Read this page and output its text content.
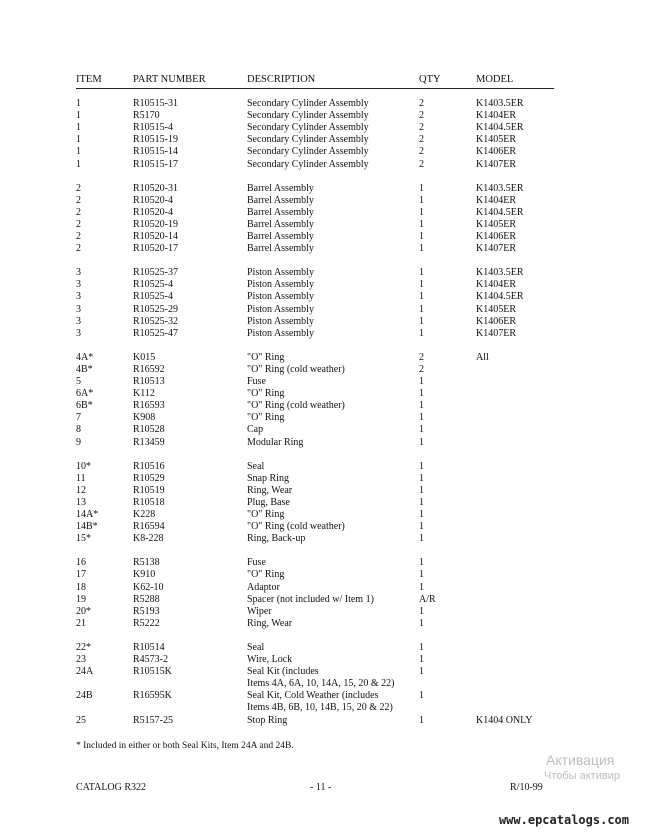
ITEM	PART NUMBER	DESCRIPTION	QTY	MODEL
1	R10515-31	Secondary Cylinder Assembly	2	K1403.5ER
1	R5170	Secondary Cylinder Assembly	2	K1404ER
1	R10515-4	Secondary Cylinder Assembly	2	K1404.5ER
1	R10515-19	Secondary Cylinder Assembly	2	K1405ER
1	R10515-14	Secondary Cylinder Assembly	2	K1406ER
1	R10515-17	Secondary Cylinder Assembly	2	K1407ER
2	R10520-31	Barrel Assembly	1	K1403.5ER
2	R10520-4	Barrel Assembly	1	K1404ER
2	R10520-4	Barrel Assembly	1	K1404.5ER
2	R10520-19	Barrel Assembly	1	K1405ER
2	R10520-14	Barrel Assembly	1	K1406ER
2	R10520-17	Barrel Assembly	1	K1407ER
3	R10525-37	Piston Assembly	1	K1403.5ER
3	R10525-4	Piston Assembly	1	K1404ER
3	R10525-4	Piston Assembly	1	K1404.5ER
3	R10525-29	Piston Assembly	1	K1405ER
3	R10525-32	Piston Assembly	1	K1406ER
3	R10525-47	Piston Assembly	1	K1407ER
4A*	K015	"O" Ring	2	All
4B*	R16592	"O" Ring (cold weather)	2
5	R10513	Fuse	1
6A*	K112	"O" Ring	1
6B*	R16593	"O" Ring (cold weather)	1
7	K908	"O" Ring	1
8	R10528	Cap	1
9	R13459	Modular Ring	1
10*	R10516	Seal	1
11	R10529	Snap Ring	1
12	R10519	Ring, Wear	1
13	R10518	Plug, Base	1
14A*	K228	"O" Ring	1
14B*	R16594	"O" Ring (cold weather)	1
15*	K8-228	Ring, Back-up	1
16	R5138	Fuse	1
17	K910	"O" Ring	1
18	K62-10	Adaptor	1
19	R5288	Spacer (not included w/ Item 1)	A/R
20*	R5193	Wiper	1
21	R5222	Ring, Wear	1
22*	R10514	Seal	1
23	R4573-2	Wire, Lock	1
24A	R10515K	Seal Kit (includes	1
Items 4A, 6A, 10, 14A, 15, 20 & 22)
24B	R16595K	Seal Kit, Cold Weather (includes	1
Items 4B, 6B, 10, 14B, 15, 20 & 22)
25	R5157-25	Stop Ring	1	K1404 ONLY
* Included in either or both Seal Kits, Item 24A and 24B.
CATALOG R322	- 11 -	R/10-99
Активация
Чтобы активир
www.epcatalogs.com
